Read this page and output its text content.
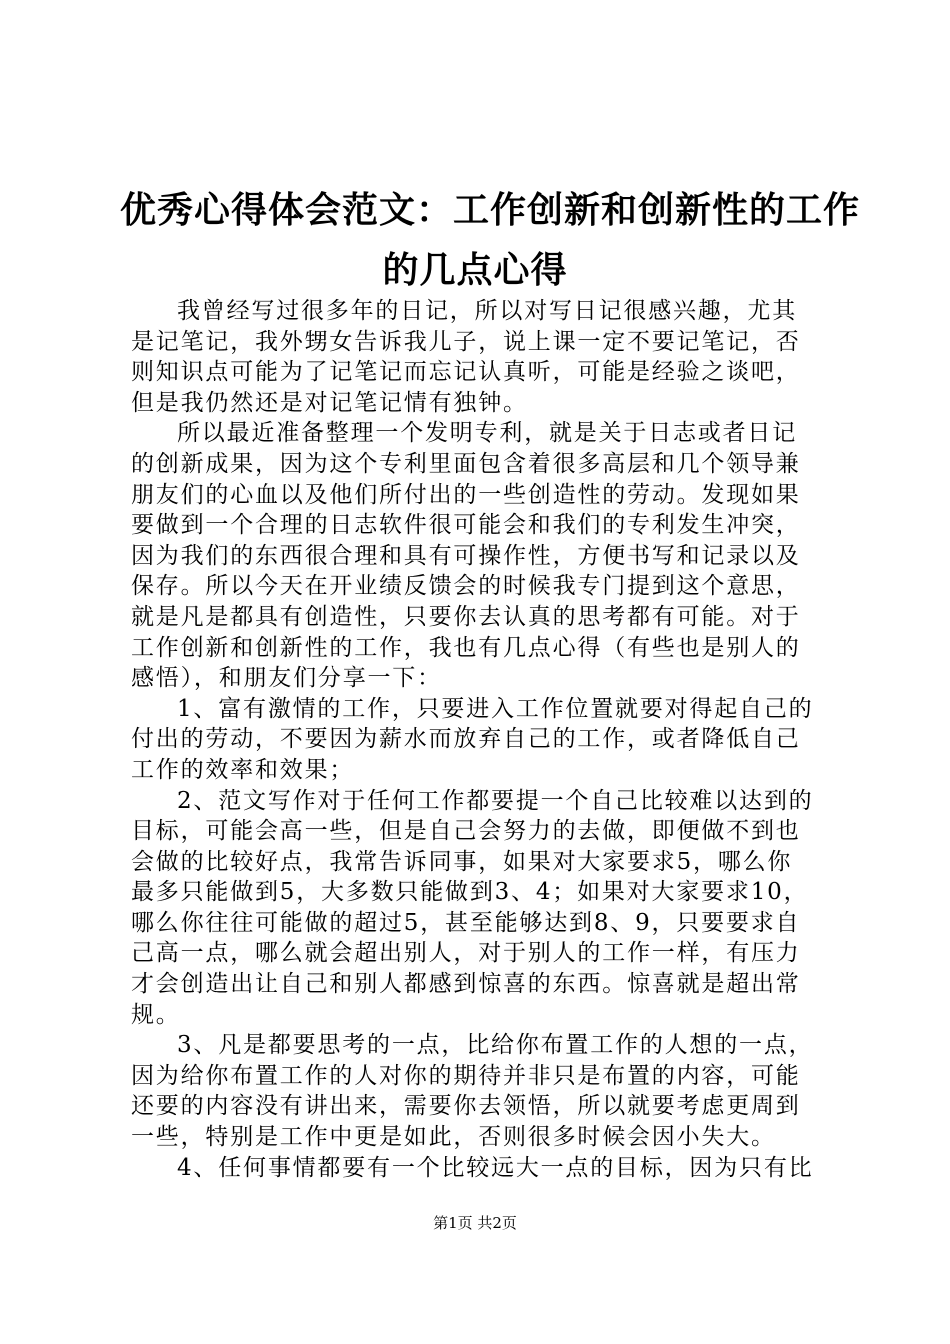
优秀心得体会范文：工作创新和创新性的工作
的几点心得
我曾经写过很多年的日记，所以对写日记很感兴趣，尤其
是记笔记，我外甥女告诉我儿子，说上课一定不要记笔记，否
则知识点可能为了记笔记而忘记认真听，可能是经验之谈吧，
但是我仍然还是对记笔记情有独钟。
所以最近准备整理一个发明专利，就是关于日志或者日记
的创新成果，因为这个专利里面包含着很多高层和几个领导兼
朋友们的心血以及他们所付出的一些创造性的劳动。发现如果
要做到一个合理的日志软件很可能会和我们的专利发生冲突，
因为我们的东西很合理和具有可操作性，方便书写和记录以及
保存。所以今天在开业绩反馈会的时候我专门提到这个意思，
就是凡是都具有创造性，只要你去认真的思考都有可能。对于
工作创新和创新性的工作，我也有几点心得（有些也是别人的
感悟），和朋友们分享一下：
1、富有激情的工作，只要进入工作位置就要对得起自己的
付出的劳动，不要因为薪水而放弃自己的工作，或者降低自己
工作的效率和效果；
2、范文写作对于任何工作都要提一个自己比较难以达到的
目标，可能会高一些，但是自己会努力的去做，即便做不到也
会做的比较好点，我常告诉同事，如果对大家要求5，哪么你
最多只能做到5，大多数只能做到3、4；如果对大家要求10，
哪么你往往可能做的超过5，甚至能够达到8、9，只要要求自
己高一点，哪么就会超出别人，对于别人的工作一样，有压力
才会创造出让自己和别人都感到惊喜的东西。惊喜就是超出常
规。
3、凡是都要思考的一点，比给你布置工作的人想的一点，
因为给你布置工作的人对你的期待并非只是布置的内容，可能
还要的内容没有讲出来，需要你去领悟，所以就要考虑更周到
一些，特别是工作中更是如此，否则很多时候会因小失大。
4、任何事情都要有一个比较远大一点的目标，因为只有比
第1页 共2页
